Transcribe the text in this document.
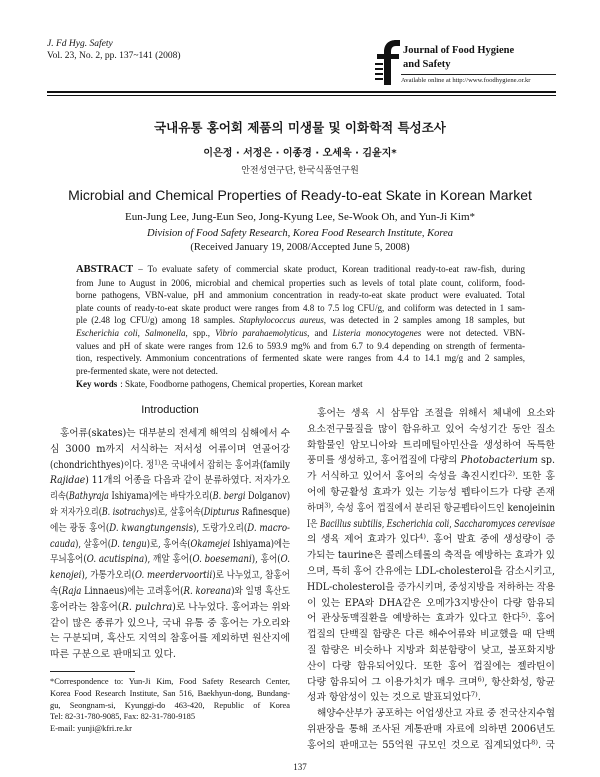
J. Fd Hyg. Safety
Vol. 23, No. 2, pp. 137~141 (2008)	Journal of Food Hygiene
and Safety
Available online at http://www.foodhygiene.or.kr
국내유통 홍어회 제품의 미생물 및 이화학적 특성조사
이은정 · 서정은 · 이종경 · 오세욱 · 김윤지*
안전성연구단, 한국식품연구원
Microbial and Chemical Properties of Ready-to-eat Skate in Korean Market
Eun-Jung Lee, Jung-Eun Seo, Jong-Kyung Lee, Se-Wook Oh, and Yun-Ji Kim*
Division of Food Safety Research, Korea Food Research Institute, Korea
(Received January 19, 2008/Accepted June 5, 2008)
ABSTRACT – To evaluate safety of commercial skate product, Korean traditional ready-to-eat raw-fish, during
from June to August in 2006, microbial and chemical properties such as levels of total plate count, coliform, food-
borne pathogens, VBN-value, pH and ammonium concentration in ready-to-eat skate product were evaluated. Total
plate counts of ready-to-eat skate product were ranges from 4.8 to 7.5 log CFU/g, and coliform was detected in 1 sam-
ple (2.48 log CFU/g) among 18 samples. Staphylococcus aureus, was detected in 2 samples among 18 samples, but
Escherichia coli, Salmonella, spp., Vibrio parahaemolyticus, and Listeria monocytogenes were not detected. VBN-
values and pH of skate were ranges from 12.6 to 593.9 mg% and from 6.7 to 9.4 depending on strength of fermenta-
tion, respectively. Ammonium concentrations of fermented skate were ranges from 4.4 to 14.1 mg/g and 2 samples,
pre-fermented skate, were not detected.
Key words : Skate, Foodborne pathogens, Chemical properties, Korean market
Introduction
홍어류(skates)는 대부분의 전세계 해역의 심해에서 수
심 3000 m까지 서식하는 저서성 어류이며 연골어강
(chondrichthyes)이다. 정$^{1)}$은 국내에서 잡히는 홍어과(family
Rajidae) 11개의 어종을 다음과 같이 분류하였다. 저자가오
리속(Bathyraja Ishiyama)에는 바닥가오리(B. bergi Dolganov)
와 저자가오리(B. isotrachys)로, 살홍어속(Dipturus Rafinesque)
에는 광동 홍어(D. kwangtungensis), 도랑가오리(D. macro-
cauda), 살홍어(D. tengu)로, 홍어속(Okamejei Ishiyama)에는
무늬홍어(O. acutispina), 깨알 홍어(O. boesemani), 홍어(O.
kenojei), 가통가오리(O. meerdervoortii)로 나누었고, 참홍어
속(Raja Linnaeus)에는 고려홍어(R. koreana)와 일명 흑산도
홍어라는 참홍어(R. pulchra)로 나누었다. 홍어과는 위와
같이 많은 종류가 있으나, 국내 유통 중 홍어는 가오리와
는 구분되며, 흑산도 지역의 참홍어를 제외하면 원산지에
따른 구분으로 판매되고 있다.
*Correspondence to: Yun-Ji Kim, Food Safety Research Center,
Korea Food Research Institute, San 516, Baekhyun-dong, Bundang-
gu, Seongnam-si, Kyunggi-do 463-420, Republic of Korea
Tel: 82-31-780-9085, Fax: 82-31-780-9185
E-mail: yunji@kfri.re.kr
홍어는 생육 시 삼투압 조절을 위해서 체내에 요소와
요소전구물질을 많이 함유하고 있어 숙성기간 동안 질소
화합물인 암모니아와 트리메틸아민산을 생성하여 독특한
풍미를 생성하고, 홍어껍질에 다량의 Photobacterium sp.
가 서식하고 있어서 홍어의 숙성을 촉진시킨다$^{2)}$. 또한 홍
어에 항균활성 효과가 있는 기능성 펩타이드가 다량 존재
하며$^{3)}$, 숙성 홍어 껍질에서 분리된 항균펩타이드인 kenojeinin
I은 Bacillus subtilis, Escherichia coli, Saccharomyces cerevisae
의 생육 제어 효과가 있다$^{4)}$. 홍어 발효 중에 생성량이 증
가되는 taurine은 콜레스테롤의 축적을 예방하는 효과가 있
으며, 특히 홍어 간유에는 LDL-cholesterol을 감소시키고,
HDL-cholesterol을 증가시키며, 중성지방을 저하하는 작용
이 있는 EPA와 DHA같은 오메가3지방산이 다량 함유되
어 관상동맥질환을 예방하는 효과가 있다고 한다$^{5)}$. 홍어
껍질의 단백질 함량은 다른 해수어류와 비교했을 때 단백
질 함량은 비슷하나 지방과 회분함량이 낮고, 불포화지방
산이 다량 함유되어있다. 또한 홍어 껍질에는 젤라틴이
다량 함유되어 그 이용가치가 매우 크며$^{6)}$, 항산화성, 항균
성과 항암성이 있는 것으로 발표되었다$^{7)}$.
해양수산부가 공포하는 어업생산고 자료 중 전국산지수협
위판장을 통해 조사된 계통판매 자료에 의하면 2006년도
홍어의 판매고는 55억원 규모인 것으로 집계되었다$^{8)}$. 국
137
